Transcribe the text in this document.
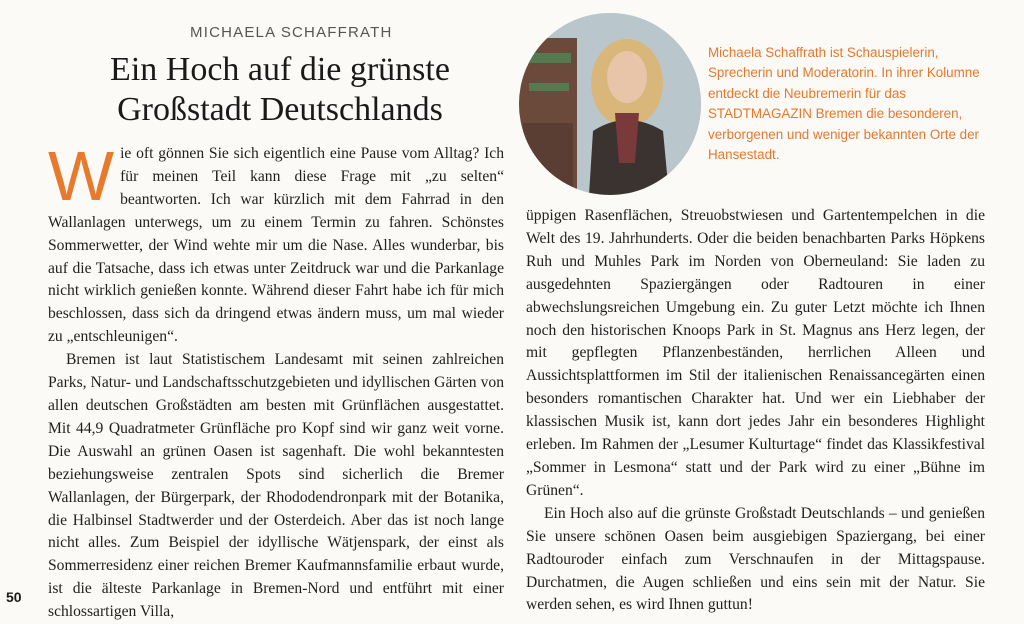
MICHAELA SCHAFFRATH
Ein Hoch auf die grünste
Großstadt Deutschlands

Wie oft gönnen Sie sich eigentlich eine Pause vom Alltag? Ich für meinen Teil kann diese Frage mit „zu selten“ beantworten. Ich war kürzlich mit dem Fahrrad in den Wallanlagen unterwegs, um zu einem Termin zu fahren. Schönstes Sommerwetter, der Wind wehte mir um die Nase. Alles wunderbar, bis auf die Tatsache, dass ich etwas unter Zeitdruck war und die Parkanlage nicht wirklich genießen konnte. Während dieser Fahrt habe ich für mich beschlossen, dass sich da dringend etwas ändern muss, um mal wieder zu „entschleunigen“.

Bremen ist laut Statistischem Landesamt mit seinen zahlreichen Parks, Natur- und Landschaftsschutzgebieten und idyllischen Gärten von allen deutschen Großstädten am besten mit Grünflächen ausgestattet. Mit 44,9 Quadratmeter Grünfläche pro Kopf sind wir ganz weit vorne. Die Auswahl an grünen Oasen ist sagenhaft. Die wohl bekanntesten beziehungsweise zentralen Spots sind sicherlich die Bremer Wallanlagen, der Bürgerpark, der Rhododendronpark mit der Botanika, die Halbinsel Stadtwerder und der Osterdeich. Aber das ist noch lange nicht alles. Zum Beispiel der idyllische Wätjenspark, der einst als Sommerresidenz einer reichen Bremer Kaufmannsfamilie erbaut wurde, ist die älteste Parkanlage in Bremen-Nord und entführt mit einer schlossartigen Villa,

Michaela Schaffrath ist Schauspielerin, Sprecherin und Moderatorin. In ihrer Kolumne entdeckt die Neubremerin für das STADTMAGAZIN Bremen die besonderen, verborgenen und weniger bekannten Orte der Hansestadt.

üppigen Rasenflächen, Streuobstwiesen und Gartentempelchen in die Welt des 19. Jahrhunderts. Oder die beiden benachbarten Parks Höpkens Ruh und Muhles Park im Norden von Oberneuland: Sie laden zu ausgedehnten Spaziergängen oder Radtouren in einer abwechslungsreichen Umgebung ein. Zu guter Letzt möchte ich Ihnen noch den historischen Knoops Park in St. Magnus ans Herz legen, der mit gepflegten Pflanzenbeständen, herrlichen Alleen und Aussichtsplattformen im Stil der italienischen Renaissancegärten einen besonders romantischen Charakter hat. Und wer ein Liebhaber der klassischen Musik ist, kann dort jedes Jahr ein besonderes Highlight erleben. Im Rahmen der „Lesumer Kulturtage“ findet das Klassikfestival „Sommer in Lesmona“ statt und der Park wird zu einer „Bühne im Grünen“.

Ein Hoch also auf die grünste Großstadt Deutschlands – und genießen Sie unsere schönen Oasen beim ausgiebigen Spaziergang, bei einer Radtouroder einfach zum Verschnaufen in der Mittagspause. Durchatmen, die Augen schließen und eins sein mit der Natur. Sie werden sehen, es wird Ihnen guttun!

50
